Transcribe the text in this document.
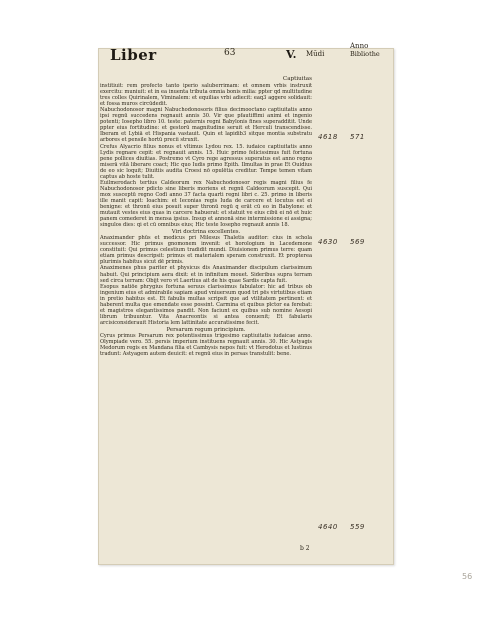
Liber	63	V. Mūdi
Anno
Bibliothe

Captiuitas

institiuit: rem profecto tanto iperio saluberrimam: et omnem vrbis instruxit exercitu: muniuit: et in ea inuenta tributa omnia bonis milia: ppter qd multitudine tres colles Quirinalem, Viminalem: et equilias vrbi adiecit: eaq3 aggere solidauit: et fossa muros circūdedit.

Nabuchodonosor magni Nabuchodonosoris filius decimooctano captiuitatis anno ipsi regnū succedens regnauit annis 30. Vir que pfautiffimi animi et ingenio potenti; Iosepho libro 10. teste: paternis regni Babylonis fines superadditit. Unde ppter eius fortitudine: et gestorū magnitudine seruit et Herculi transcendisse. Iberam et Lybiā et Hispania vastauit. Quin et lapidib3 sitque montia substratu arbores et pensile hortū precii struxit.

Crefus Alyacrio filius nonus et vltimus Lydou rex. 15. iudaice captiuitatis anno Lydis regnare cepit: et regnauit annis. 15. Huic primo felicissimus fuit fortuna pene pollices diuitias. Postremo vt Cyro rege agressus superatus est anno regno miserā vitā liberare coact; Hic quo Iudis primo Epith. Ilmultas in prae Et Ouidius de eo sic loquit; Diuitiis audita Croesi nō opulētia creditur. Tempe temen vitam captus ab hoste tulit.

Euilmerodach tertius Caldeorum rex Nabuchodonosor regis magni filius fe Nabuchodonosor pdicto sine liberis moriens et regnū Caldeorum suscepit. Qui mox susceptū regno Codī anno 37 facta quarti regni libri c. 25. primo in liberis ille manit capit: Ioachim: et Ieconias regis Iuda de carcere et locutus est ei benigne: et thronū eius posuit super thronū regū q erāt cū eo in Babylone: et mutauit vestes eius quas in carcere habuerat: et statuit ve eius cibū ei nō et huic panem comederet in mensa ipsius. Insup et annonā sine intermissione ei assigna; singulos dies: qi et cū omnibus eius; Hic teste Iosepho regnauit annis 18.

Viri doctrina excellentes.

Anaximander phūs et medicus pri Milesus Thaletis auditor: cius in schola successor. Hic primus gnomonem invenit: et horologium in Lacedemone constituit: Qui primus celestium tradidit mundi. Diuisionem primus terre: quam etiam primus descripsit: primus et materialem speram construxit. Et propterea plurimis habitus sicut dē primis.

Anaximenes phus pariter et physicus dis Anaximander discipulum clarissimum habuit. Qui principium aera dixit: et in infinitum mouet. Sideribus supra terram sed circa terram: Obijt vero vt Laertius ait de his quae Sardis capta fuit.

Esopus natiōe phrygius fortuna seruus clarissimus fabulator: hic ad tribus ob ingenium eius et admirabile sapiam apud vniuersum quod tri pēs virtutibus etiam in pretio habitus est. Et fabulis multas scripsit que ad vtilitatem pertinent: et haberent multa que emendate esse possint. Carmina et quibus pīctor ea ferebat: et magistros elegantissimos pandit. Non faciunt ex quibus sub nomine Aesopi librum tribuuntur. Vita Anacreontis si antea conuenit; Et fabularis arcisiconsiderauit Historia lem lattinitate accuratissime fecit.

Persarum regum principium.

Cyrus primus Persarum rex potentissimus trigesimo captiuitatis iudaicae anno. Olympiade vero. 55. persis imperium instituens regnauit annis. 30. Hic Astyagis Medorum regis ex Mandana filia et Cambysis nepos fuit: vt Herodotus et Iustinus tradunt: Astyagem autem deuicit: et regnū eius in persas transtulit: bene.

b 2
4618 571
4630 569
4640 559
56
